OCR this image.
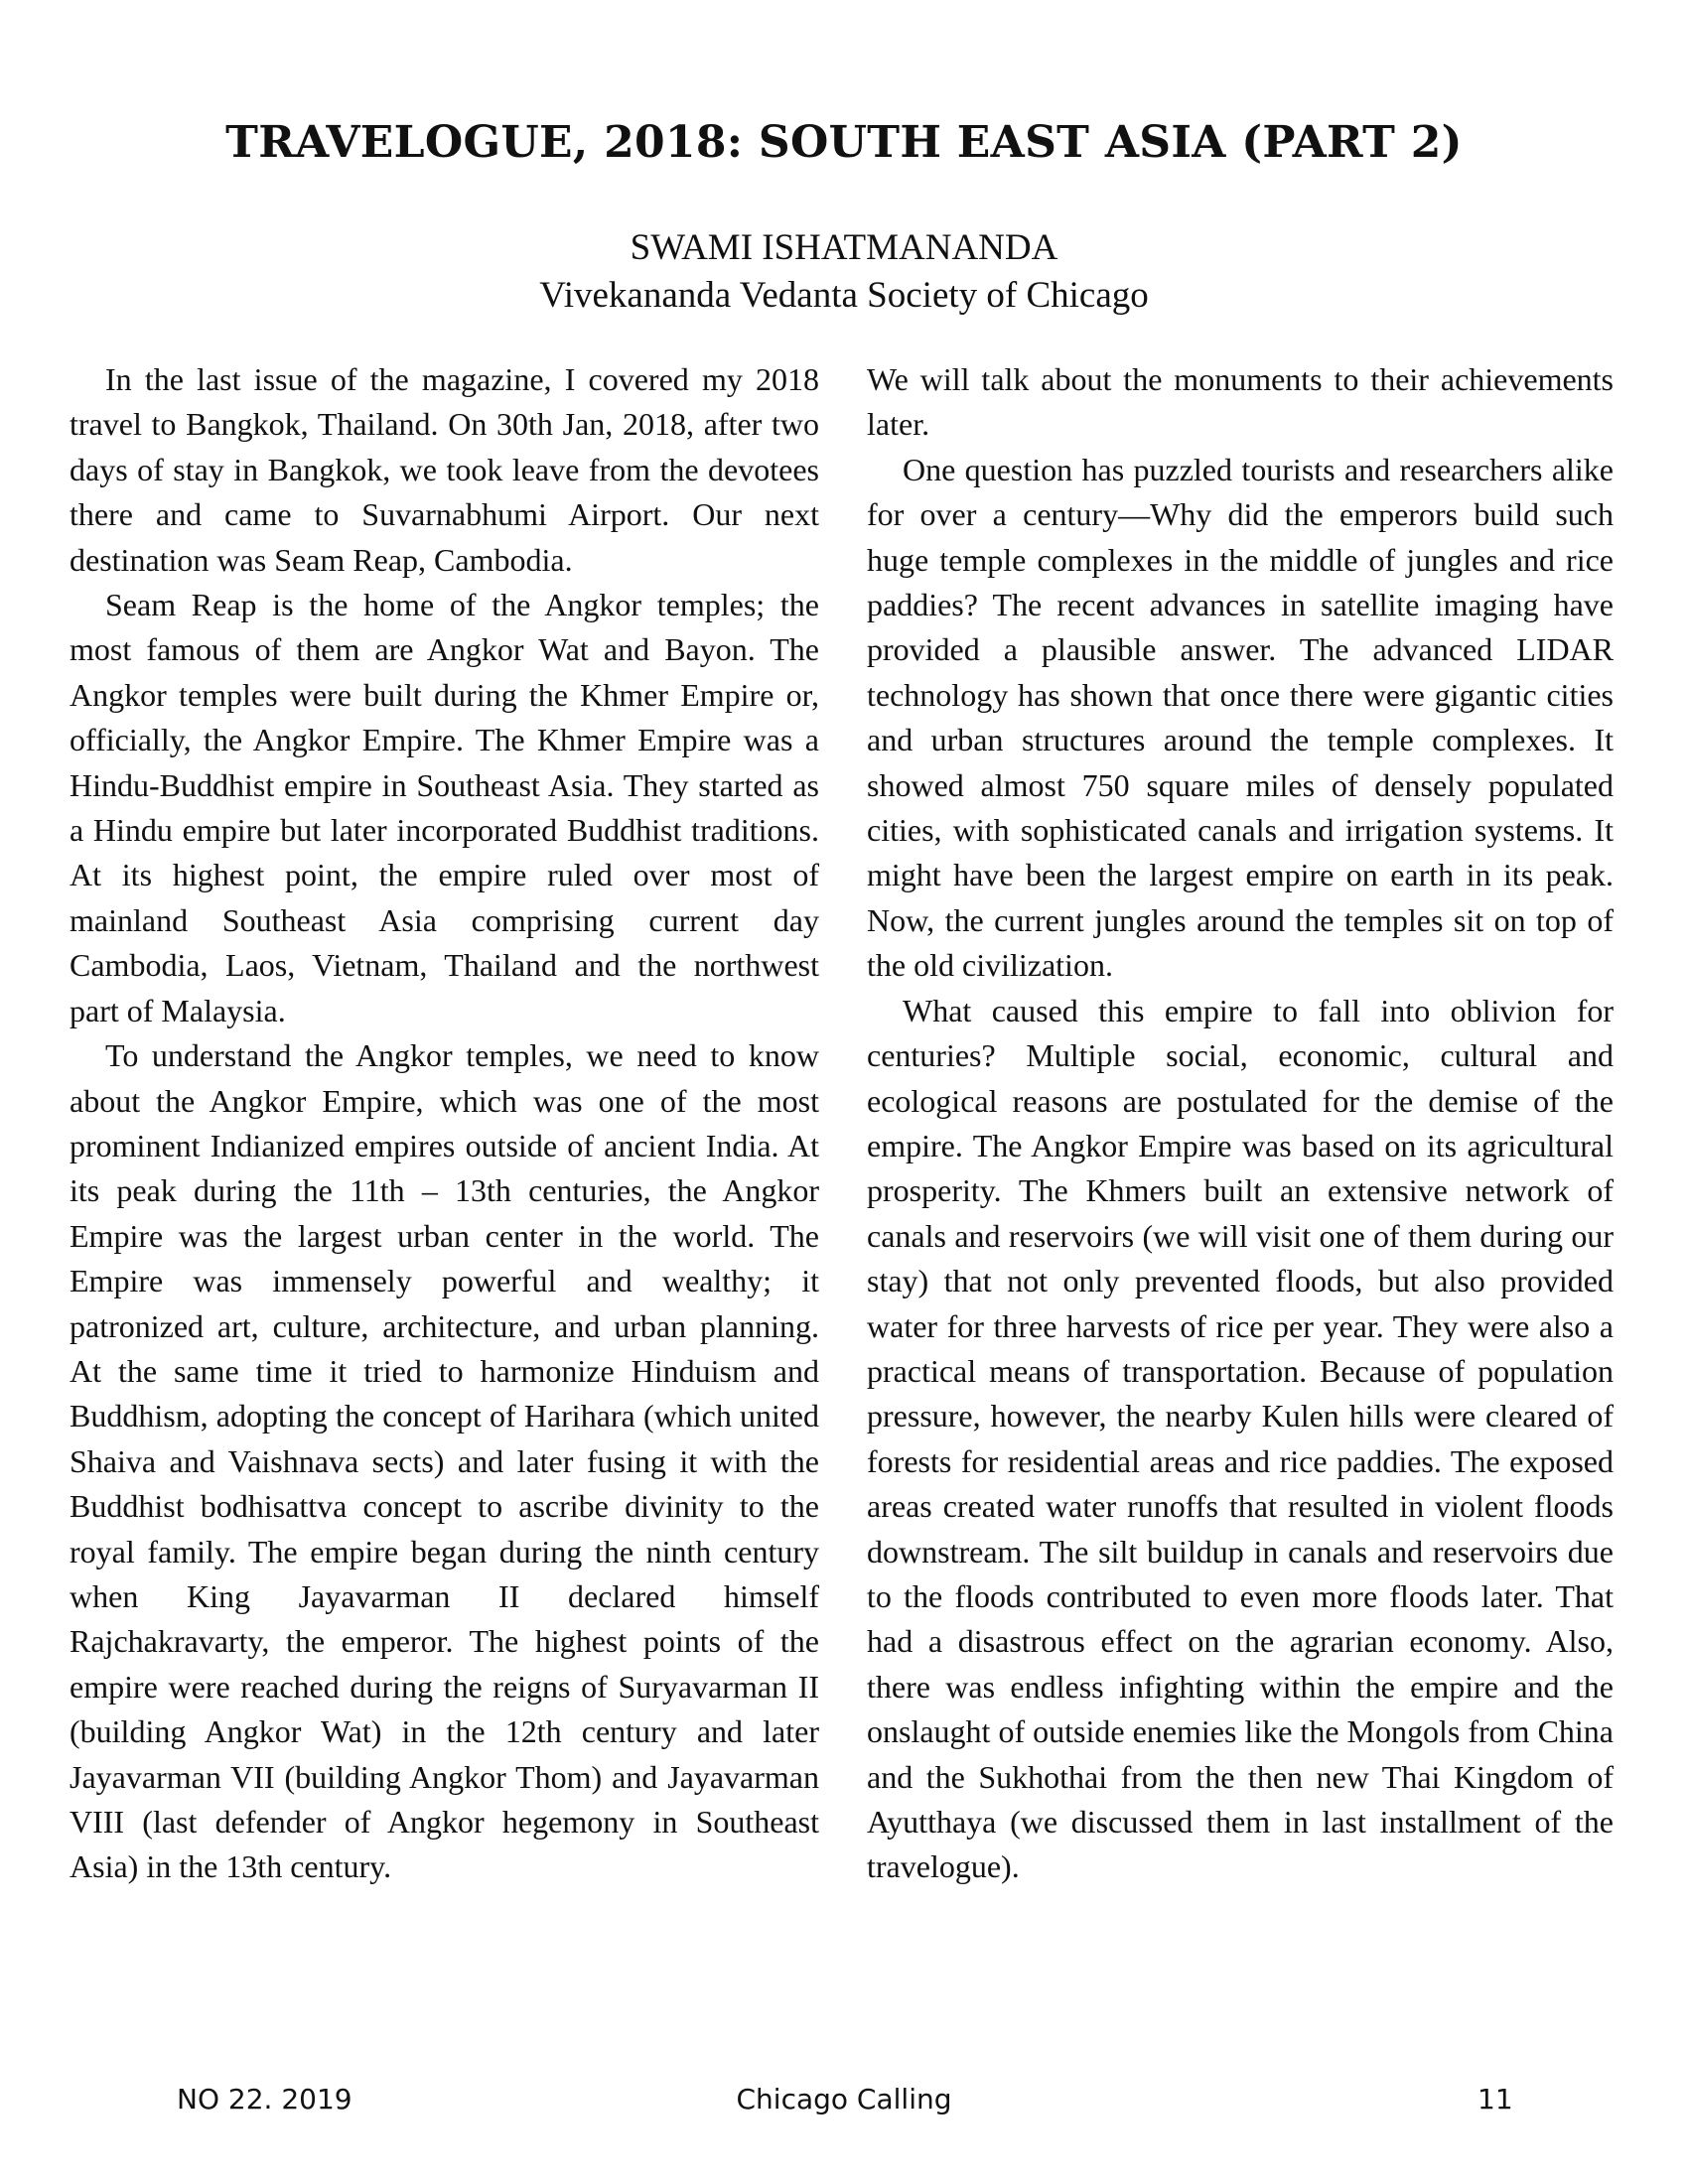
TRAVELOGUE, 2018: SOUTH EAST ASIA (PART 2)
SWAMI ISHATMANANDA
Vivekananda Vedanta Society of Chicago

In the last issue of the magazine, I covered my 2018 travel to Bangkok, Thailand. On 30th Jan, 2018, after two days of stay in Bangkok, we took leave from the devotees there and came to Suvarnabhumi Airport. Our next destination was Seam Reap, Cambodia.

Seam Reap is the home of the Angkor temples; the most famous of them are Angkor Wat and Bayon. The Angkor temples were built during the Khmer Empire or, officially, the Angkor Empire. The Khmer Empire was a Hindu-Buddhist empire in Southeast Asia. They started as a Hindu empire but later incorporated Buddhist traditions. At its highest point, the empire ruled over most of mainland Southeast Asia comprising current day Cambodia, Laos, Vietnam, Thailand and the northwest part of Malaysia.

To understand the Angkor temples, we need to know about the Angkor Empire, which was one of the most prominent Indianized empires outside of ancient India. At its peak during the 11th – 13th centuries, the Angkor Empire was the largest urban center in the world. The Empire was immensely powerful and wealthy; it patronized art, culture, architecture, and urban planning. At the same time it tried to harmonize Hinduism and Buddhism, adopting the concept of Harihara (which united Shaiva and Vaishnava sects) and later fusing it with the Buddhist bodhisattva concept to ascribe divinity to the royal family. The empire began during the ninth century when King Jayavarman II declared himself Rajchakravarty, the emperor. The highest points of the empire were reached during the reigns of Suryavarman II (building Angkor Wat) in the 12th century and later Jayavarman VII (building Angkor Thom) and Jayavarman VIII (last defender of Angkor hegemony in Southeast Asia) in the 13th century.

We will talk about the monuments to their achievements later.

One question has puzzled tourists and researchers alike for over a century—Why did the emperors build such huge temple complexes in the middle of jungles and rice paddies? The recent advances in satellite imaging have provided a plausible answer. The advanced LIDAR technology has shown that once there were gigantic cities and urban structures around the temple complexes. It showed almost 750 square miles of densely populated cities, with sophisticated canals and irrigation systems. It might have been the largest empire on earth in its peak. Now, the current jungles around the temples sit on top of the old civilization.

What caused this empire to fall into oblivion for centuries? Multiple social, economic, cultural and ecological reasons are postulated for the demise of the empire. The Angkor Empire was based on its agricultural prosperity. The Khmers built an extensive network of canals and reservoirs (we will visit one of them during our stay) that not only prevented floods, but also provided water for three harvests of rice per year. They were also a practical means of transportation. Because of population pressure, however, the nearby Kulen hills were cleared of forests for residential areas and rice paddies. The exposed areas created water runoffs that resulted in violent floods downstream. The silt buildup in canals and reservoirs due to the floods contributed to even more floods later. That had a disastrous effect on the agrarian economy. Also, there was endless infighting within the empire and the onslaught of outside enemies like the Mongols from China and the Sukhothai from the then new Thai Kingdom of Ayutthaya (we discussed them in last installment of the travelogue).

NO 22. 2019	Chicago Calling	11
